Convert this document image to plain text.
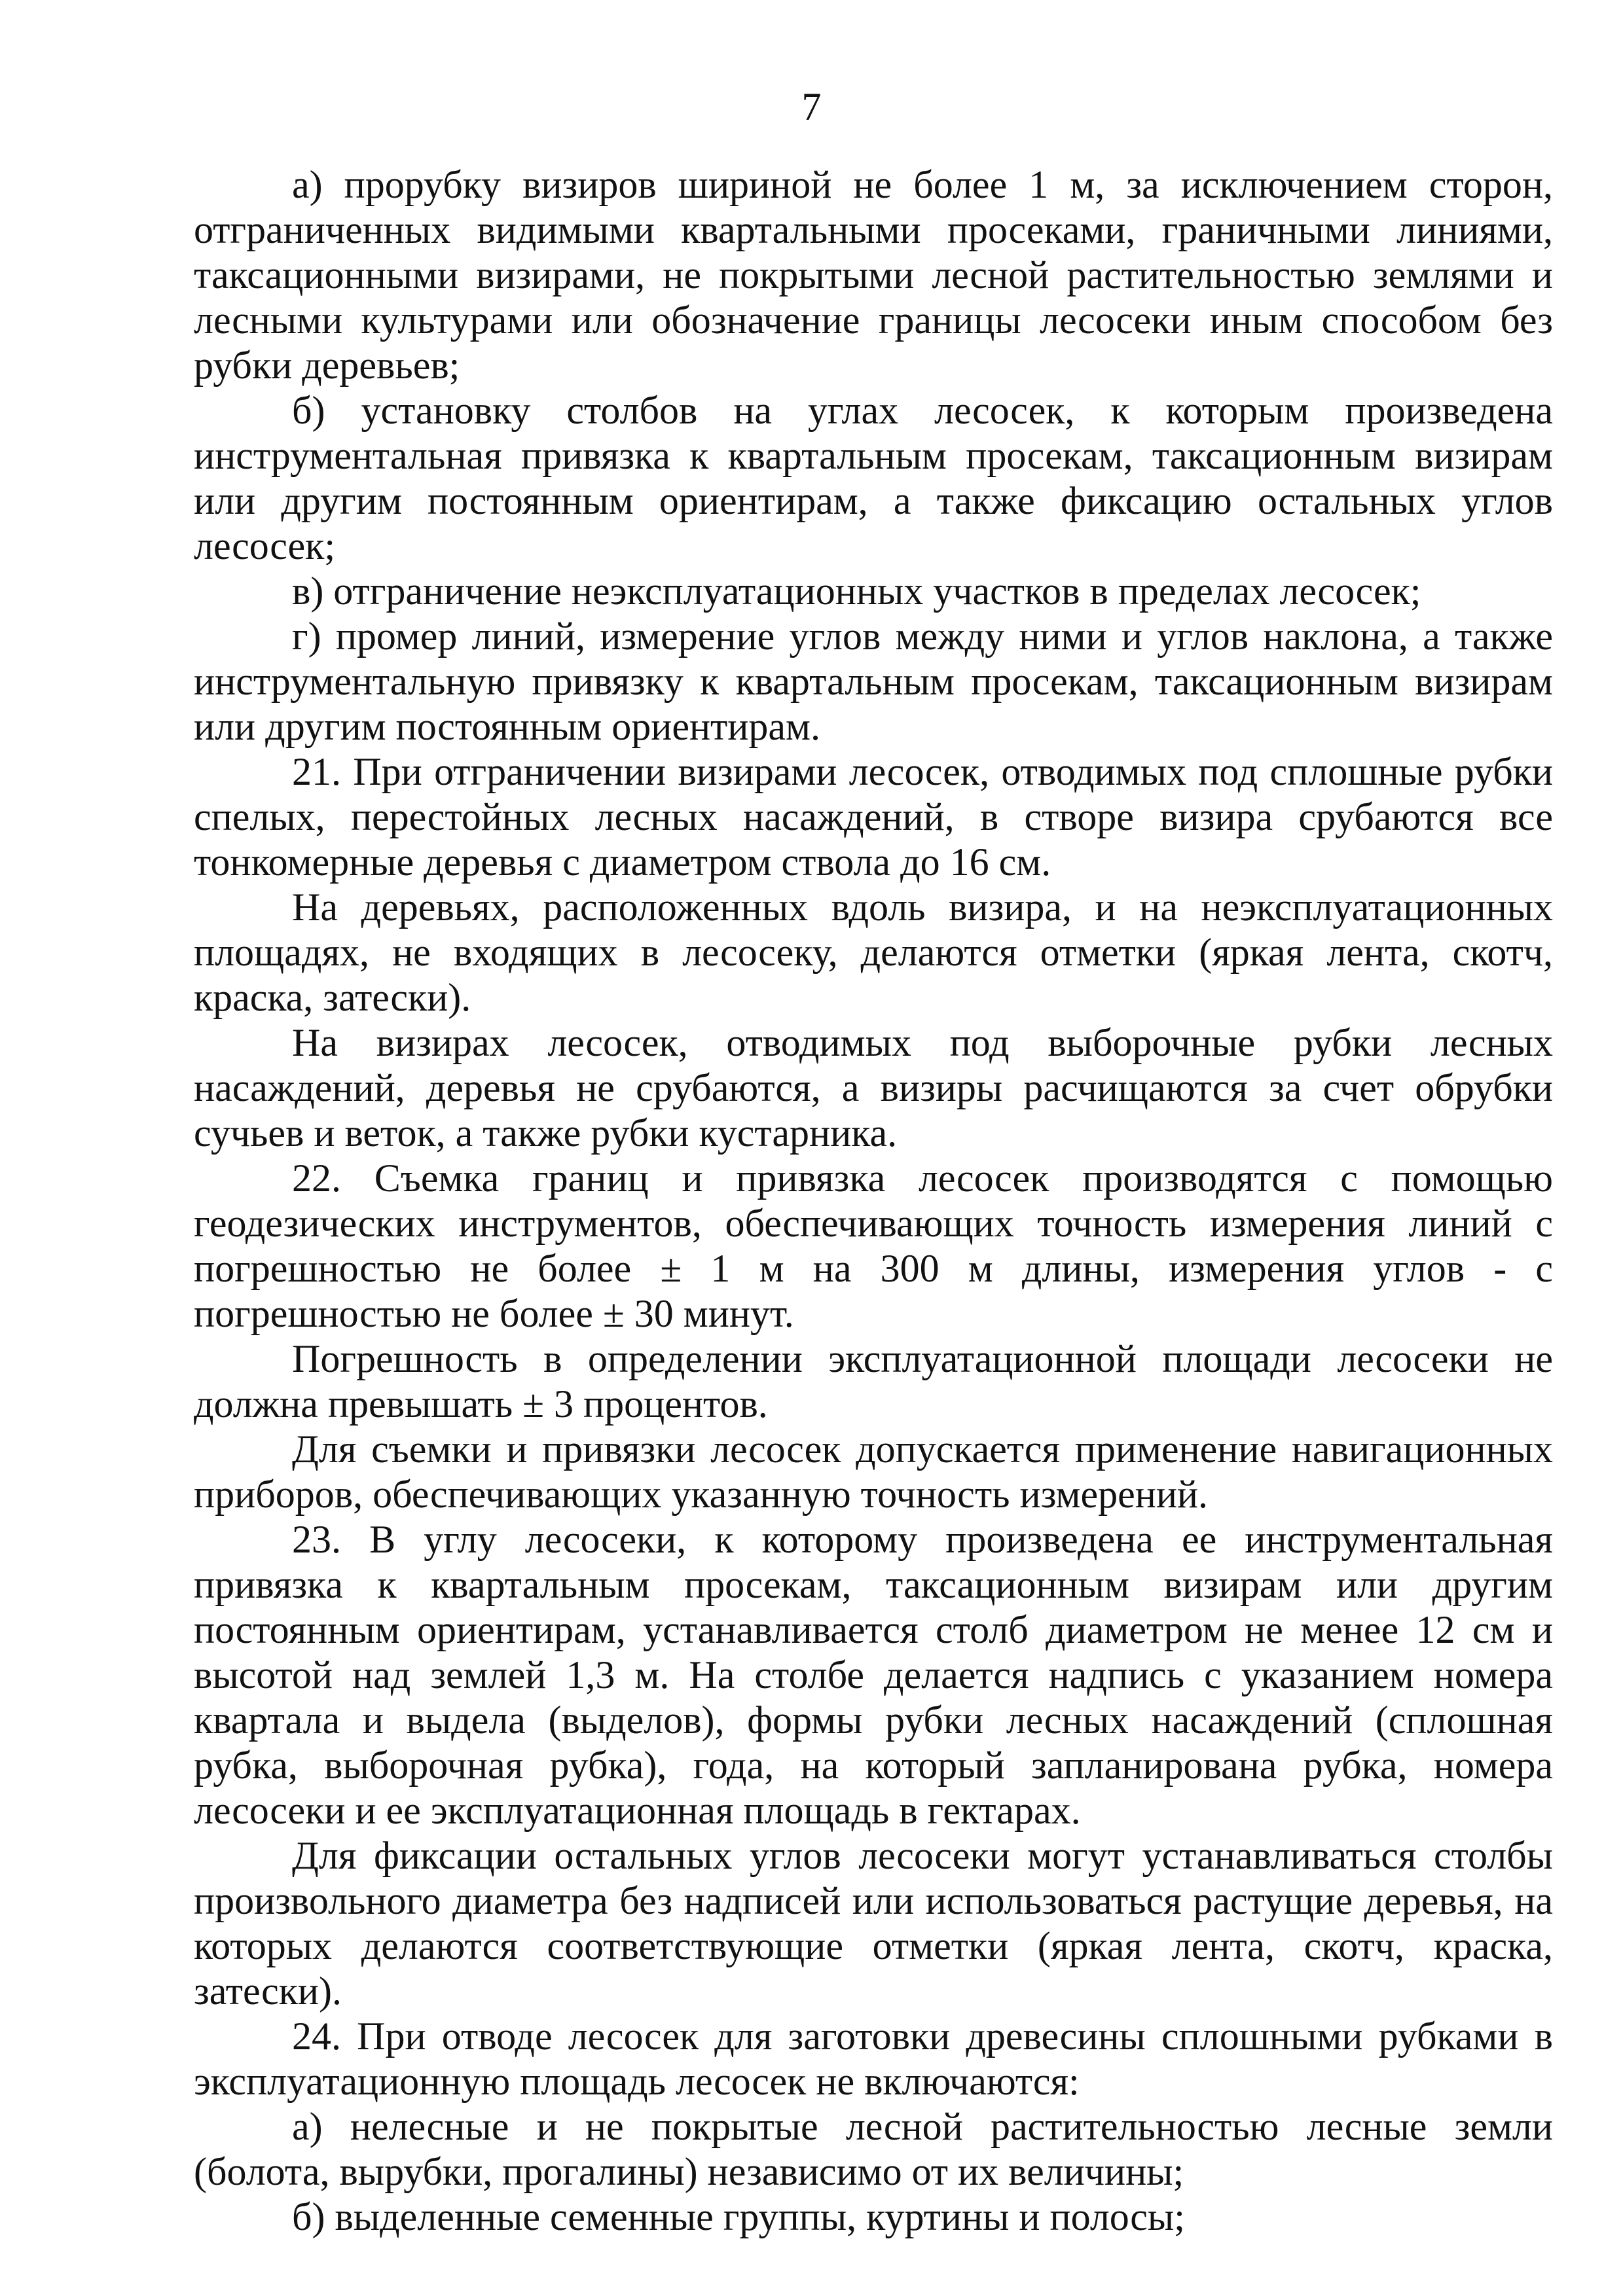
7

а) прорубку визиров шириной не более 1 м, за исключением сторон, отграниченных видимыми квартальными просеками, граничными линиями, таксационными визирами, не покрытыми лесной растительностью землями и лесными культурами или обозначение границы лесосеки иным способом без рубки деревьев;

б) установку столбов на углах лесосек, к которым произведена инструментальная привязка к квартальным просекам, таксационным визирам или другим постоянным ориентирам, а также фиксацию остальных углов лесосек;

в) отграничение неэксплуатационных участков в пределах лесосек;

г) промер линий, измерение углов между ними и углов наклона, а также инструментальную привязку к квартальным просекам, таксационным визирам или другим постоянным ориентирам.

21. При отграничении визирами лесосек, отводимых под сплошные рубки спелых, перестойных лесных насаждений, в створе визира срубаются все тонкомерные деревья с диаметром ствола до 16 см.

На деревьях, расположенных вдоль визира, и на неэксплуатационных площадях, не входящих в лесосеку, делаются отметки (яркая лента, скотч, краска, затески).

На визирах лесосек, отводимых под выборочные рубки лесных насаждений, деревья не срубаются, а визиры расчищаются за счет обрубки сучьев и веток, а также рубки кустарника.

22. Съемка границ и привязка лесосек производятся с помощью геодезических инструментов, обеспечивающих точность измерения линий с погрешностью не более ± 1 м на 300 м длины, измерения углов - с погрешностью не более ± 30 минут.

Погрешность в определении эксплуатационной площади лесосеки не должна превышать ± 3 процентов.

Для съемки и привязки лесосек допускается применение навигационных приборов, обеспечивающих указанную точность измерений.

23. В углу лесосеки, к которому произведена ее инструментальная привязка к квартальным просекам, таксационным визирам или другим постоянным ориентирам, устанавливается столб диаметром не менее 12 см и высотой над землей 1,3 м. На столбе делается надпись с указанием номера квартала и выдела (выделов), формы рубки лесных насаждений (сплошная рубка, выборочная рубка), года, на который запланирована рубка, номера лесосеки и ее эксплуатационная площадь в гектарах.

Для фиксации остальных углов лесосеки могут устанавливаться столбы произвольного диаметра без надписей или использоваться растущие деревья, на которых делаются соответствующие отметки (яркая лента, скотч, краска, затески).

24. При отводе лесосек для заготовки древесины сплошными рубками в эксплуатационную площадь лесосек не включаются:

а) нелесные и не покрытые лесной растительностью лесные земли (болота, вырубки, прогалины) независимо от их величины;

б) выделенные семенные группы, куртины и полосы;
